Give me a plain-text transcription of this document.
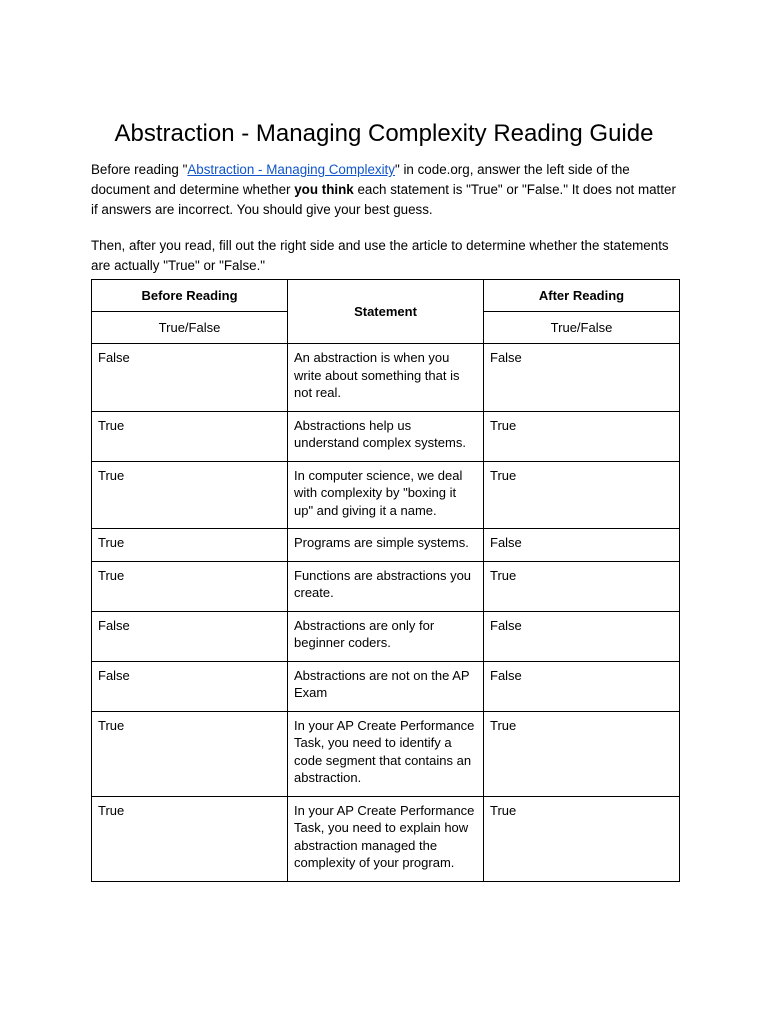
Abstraction - Managing Complexity Reading Guide

Before reading "Abstraction - Managing Complexity" in code.org, answer the left side of the document and determine whether you think each statement is "True" or "False." It does not matter if answers are incorrect. You should give your best guess.

Then, after you read, fill out the right side and use the article to determine whether the statements are actually "True" or "False."

Before Reading	Statement	After Reading
True/False		True/False
False	An abstraction is when you write about something that is not real.	False
True	Abstractions help us understand complex systems.	True
True	In computer science, we deal with complexity by "boxing it up" and giving it a name.	True
True	Programs are simple systems.	False
True	Functions are abstractions you create.	True
False	Abstractions are only for beginner coders.	False
False	Abstractions are not on the AP Exam	False
True	In your AP Create Performance Task, you need to identify a code segment that contains an abstraction.	True
True	In your AP Create Performance Task, you need to explain how abstraction managed the complexity of your program.	True
